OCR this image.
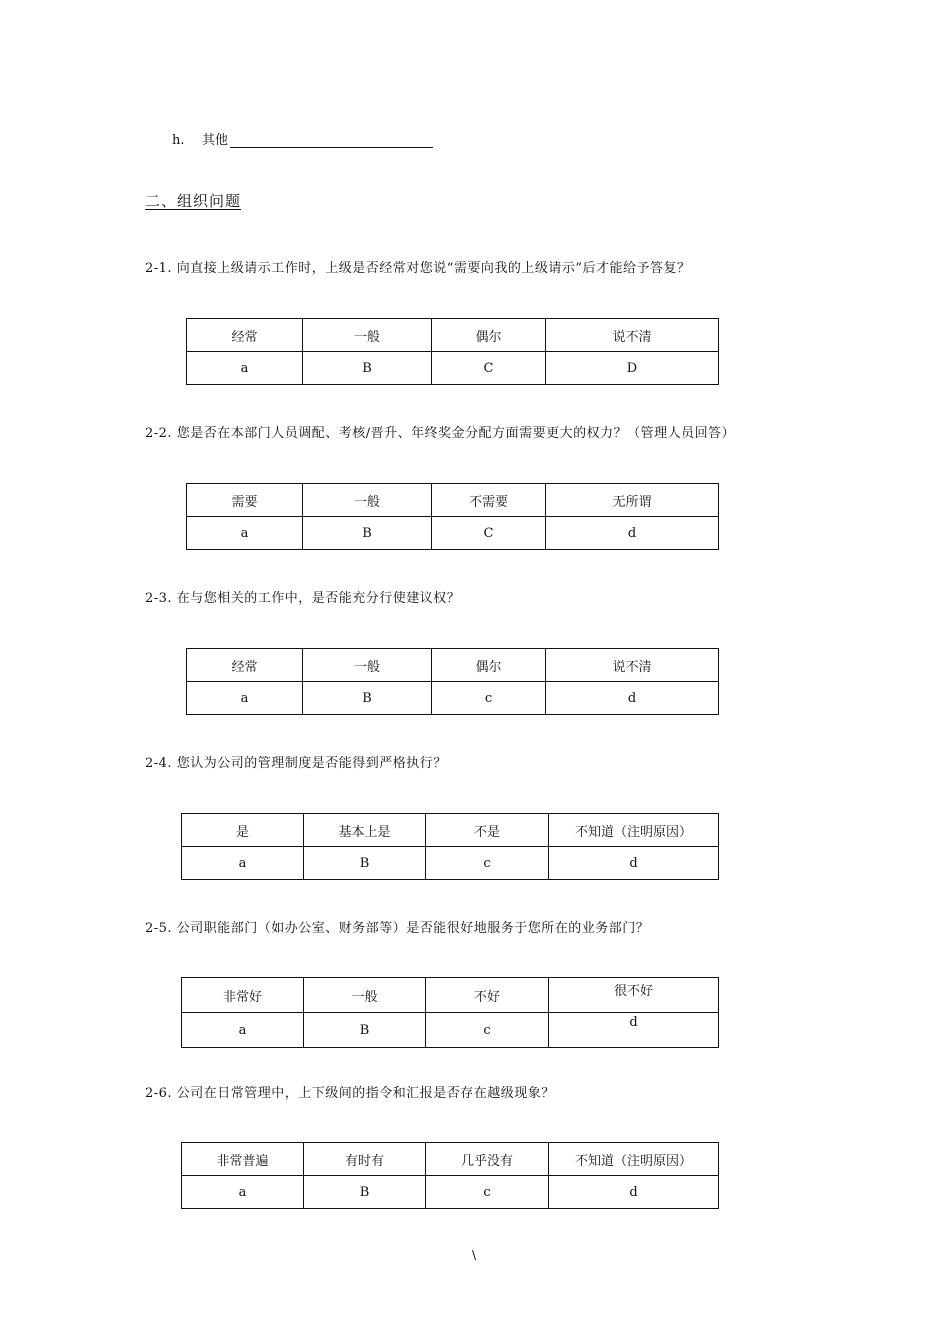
h.	其他
二、组织问题
2-1. 向直接上级请示工作时，上级是否经常对您说“需要向我的上级请示”后才能给予答复？
经常	一般	偶尔	说不清
a	B	C	D
2-2. 您是否在本部门人员调配、考核/晋升、年终奖金分配方面需要更大的权力？（管理人员回答）
需要	一般	不需要	无所谓
a	B	C	d
2-3. 在与您相关的工作中，是否能充分行使建议权？
经常	一般	偶尔	说不清
a	B	c	d
2-4. 您认为公司的管理制度是否能得到严格执行？
是	基本上是	不是	不知道（注明原因）
a	B	c	d
2-5. 公司职能部门（如办公室、财务部等）是否能很好地服务于您所在的业务部门？
非常好	一般	不好	很不好
a	B	c	d
2-6. 公司在日常管理中，上下级间的指令和汇报是否存在越级现象？
非常普遍	有时有	几乎没有	不知道（注明原因）
a	B	c	d
\
